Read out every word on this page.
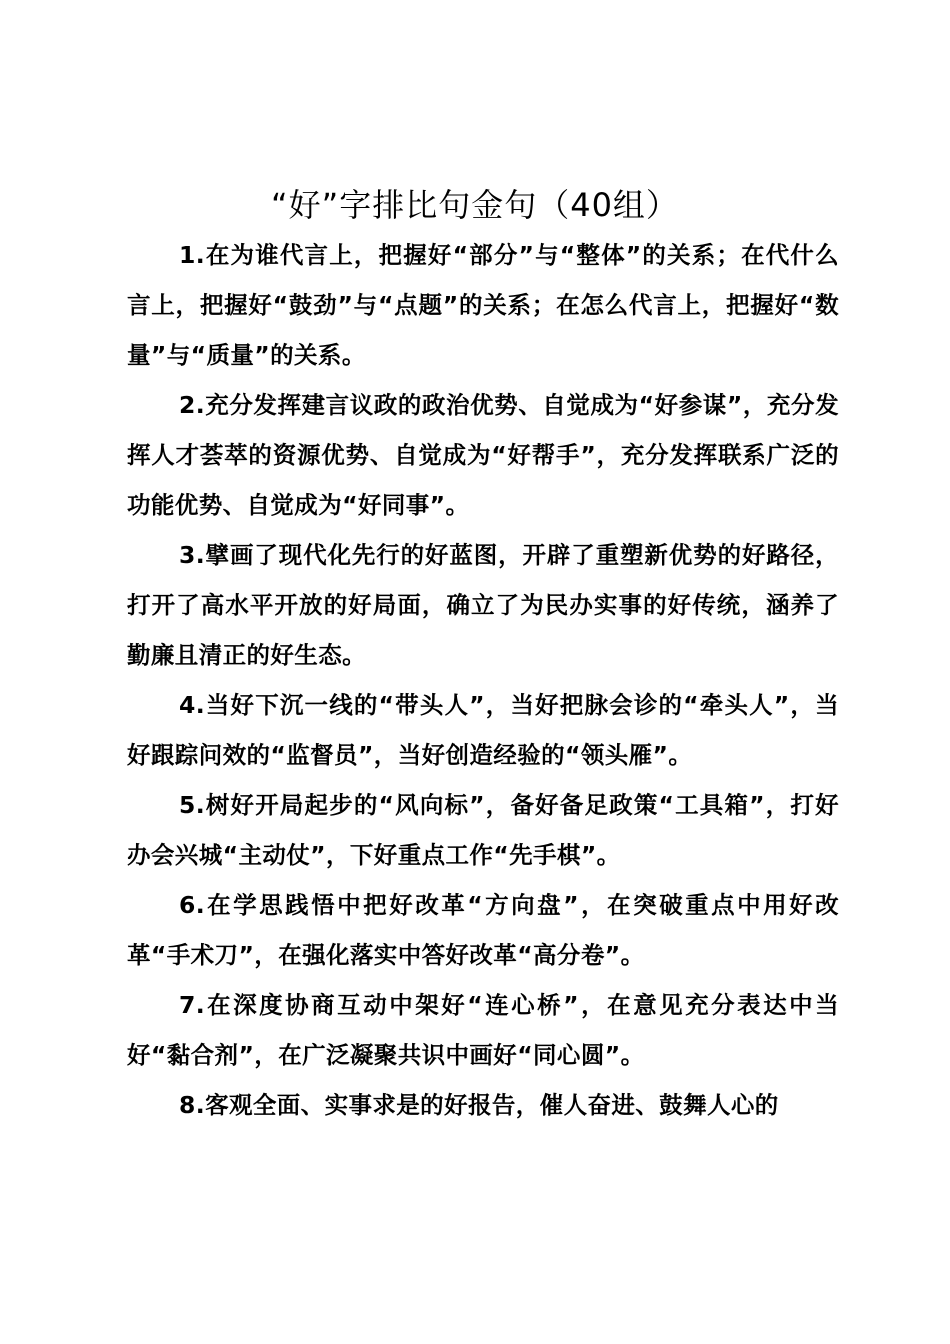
“好”字排比句金句（40组）

1.在为谁代言上，把握好“部分”与“整体”的关系；在代什么言上，把握好“鼓劲”与“点题”的关系；在怎么代言上，把握好“数量”与“质量”的关系。

2.充分发挥建言议政的政治优势、自觉成为“好参谋”，充分发挥人才荟萃的资源优势、自觉成为“好帮手”，充分发挥联系广泛的功能优势、自觉成为“好同事”。

3.擘画了现代化先行的好蓝图，开辟了重塑新优势的好路径，打开了高水平开放的好局面，确立了为民办实事的好传统，涵养了勤廉且清正的好生态。

4.当好下沉一线的“带头人”，当好把脉会诊的“牵头人”，当好跟踪问效的“监督员”，当好创造经验的“领头雁”。

5.树好开局起步的“风向标”，备好备足政策“工具箱”，打好办会兴城“主动仗”，下好重点工作“先手棋”。

6.在学思践悟中把好改革“方向盘”，在突破重点中用好改革“手术刀”，在强化落实中答好改革“高分卷”。

7.在深度协商互动中架好“连心桥”，在意见充分表达中当好“黏合剂”，在广泛凝聚共识中画好“同心圆”。

8.客观全面、实事求是的好报告，催人奋进、鼓舞人心的
